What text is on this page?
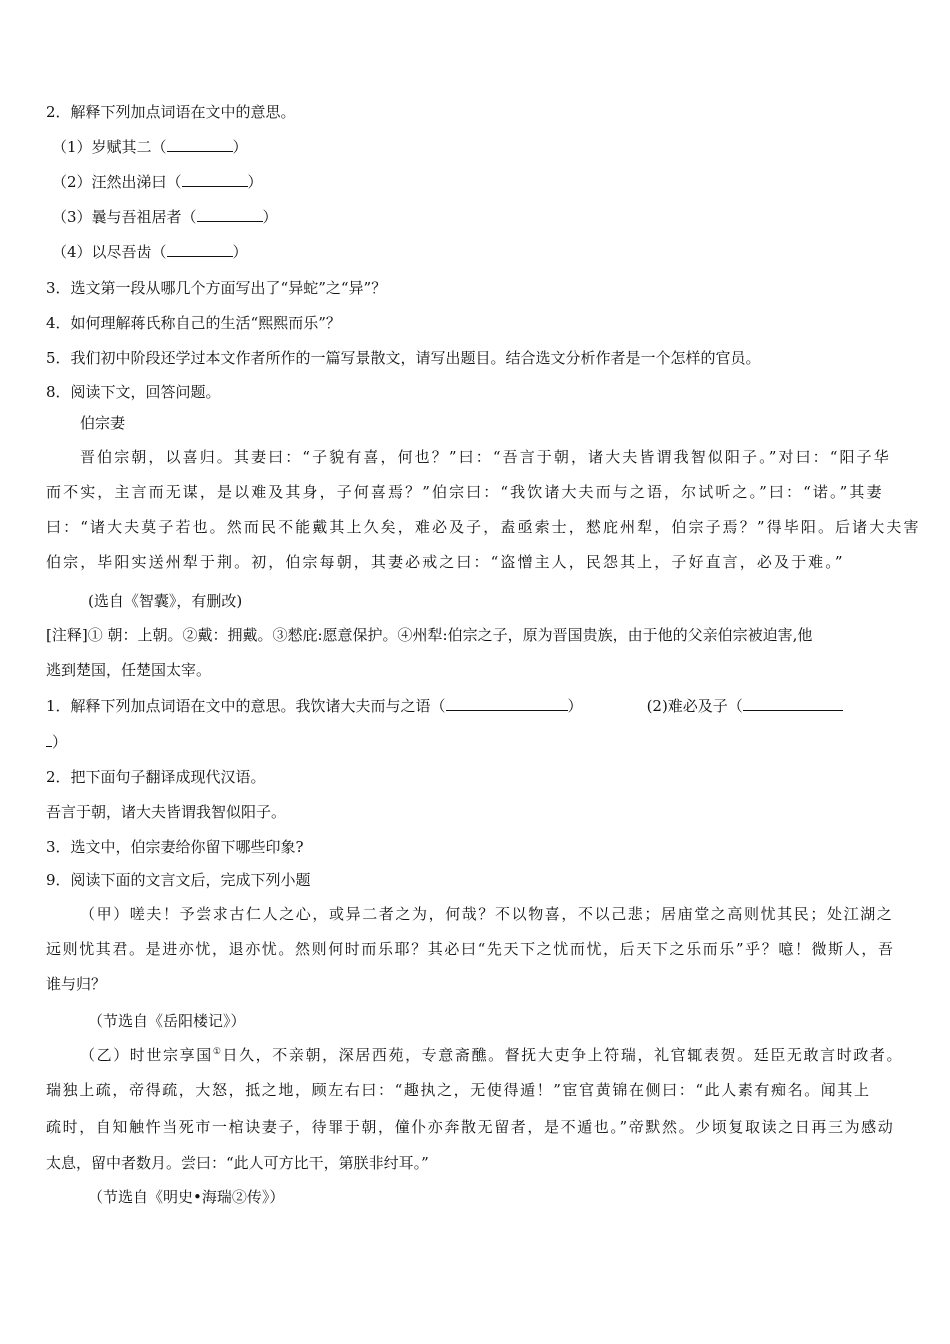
2．解释下列加点词语在文中的意思。
（1）岁赋其二（	）
（2）汪然出涕曰（	）
（3）曩与吾祖居者（	）
（4）以尽吾齿（	）
3．选文第一段从哪几个方面写出了“异蛇”之“异”？
4．如何理解蒋氏称自己的生活“熙熙而乐”？
5．我们初中阶段还学过本文作者所作的一篇写景散文，请写出题目。结合选文分析作者是一个怎样的官员。
8．阅读下文，回答问题。
伯宗妻
晋伯宗朝，以喜归。其妻曰：“子貌有喜，何也？”曰：“吾言于朝，诸大夫皆谓我智似阳子。”对曰：“阳子华
而不实，主言而无谋，是以难及其身，子何喜焉？”伯宗曰：“我饮诸大夫而与之语，尔试听之。”曰：“诺。”其妻
曰：“诸大夫莫子若也。然而民不能戴其上久矣，难必及子，盍亟索士，憖庇州犁，伯宗子焉？”得毕阳。后诸大夫害
伯宗，毕阳实送州犁于荆。初，伯宗每朝，其妻必戒之曰：“盗憎主人，民怨其上，子好直言，必及于难。”
(选自《智囊》，有删改)
[注释]① 朝：上朝。②戴：拥戴。③憖庇:愿意保护。④州犁:伯宗之子，原为晋国贵族，由于他的父亲伯宗被迫害,他
逃到楚国，任楚国太宰。
1．解释下列加点词语在文中的意思。我饮诸大夫而与之语（	）	(2)难必及子（
）
2．把下面句子翻译成现代汉语。
吾言于朝，诸大夫皆谓我智似阳子。
3．选文中，伯宗妻给你留下哪些印象?
9．阅读下面的文言文后，完成下列小题
（甲）嗟夫！予尝求古仁人之心，或异二者之为，何哉？不以物喜，不以己悲；居庙堂之高则忧其民；处江湖之
远则忧其君。是进亦忧，退亦忧。然则何时而乐耶？其必曰“先天下之忧而忧，后天下之乐而乐”乎？噫！微斯人，吾
谁与归？
（节选自《岳阳楼记》）
（乙）时世宗享国①日久，不亲朝，深居西苑，专意斋醮。督抚大吏争上符瑞，礼官辄表贺。廷臣无敢言时政者。
瑞独上疏，帝得疏，大怒，抵之地，顾左右曰：“趣执之，无使得遁！”宦官黄锦在侧曰：“此人素有痴名。闻其上
疏时，自知触忤当死市一棺诀妻子，待罪于朝，僮仆亦奔散无留者，是不遁也。”帝默然。少顷复取读之日再三为感动
太息，留中者数月。尝曰：“此人可方比干，第朕非纣耳。”
（节选自《明史•海瑞②传》）
